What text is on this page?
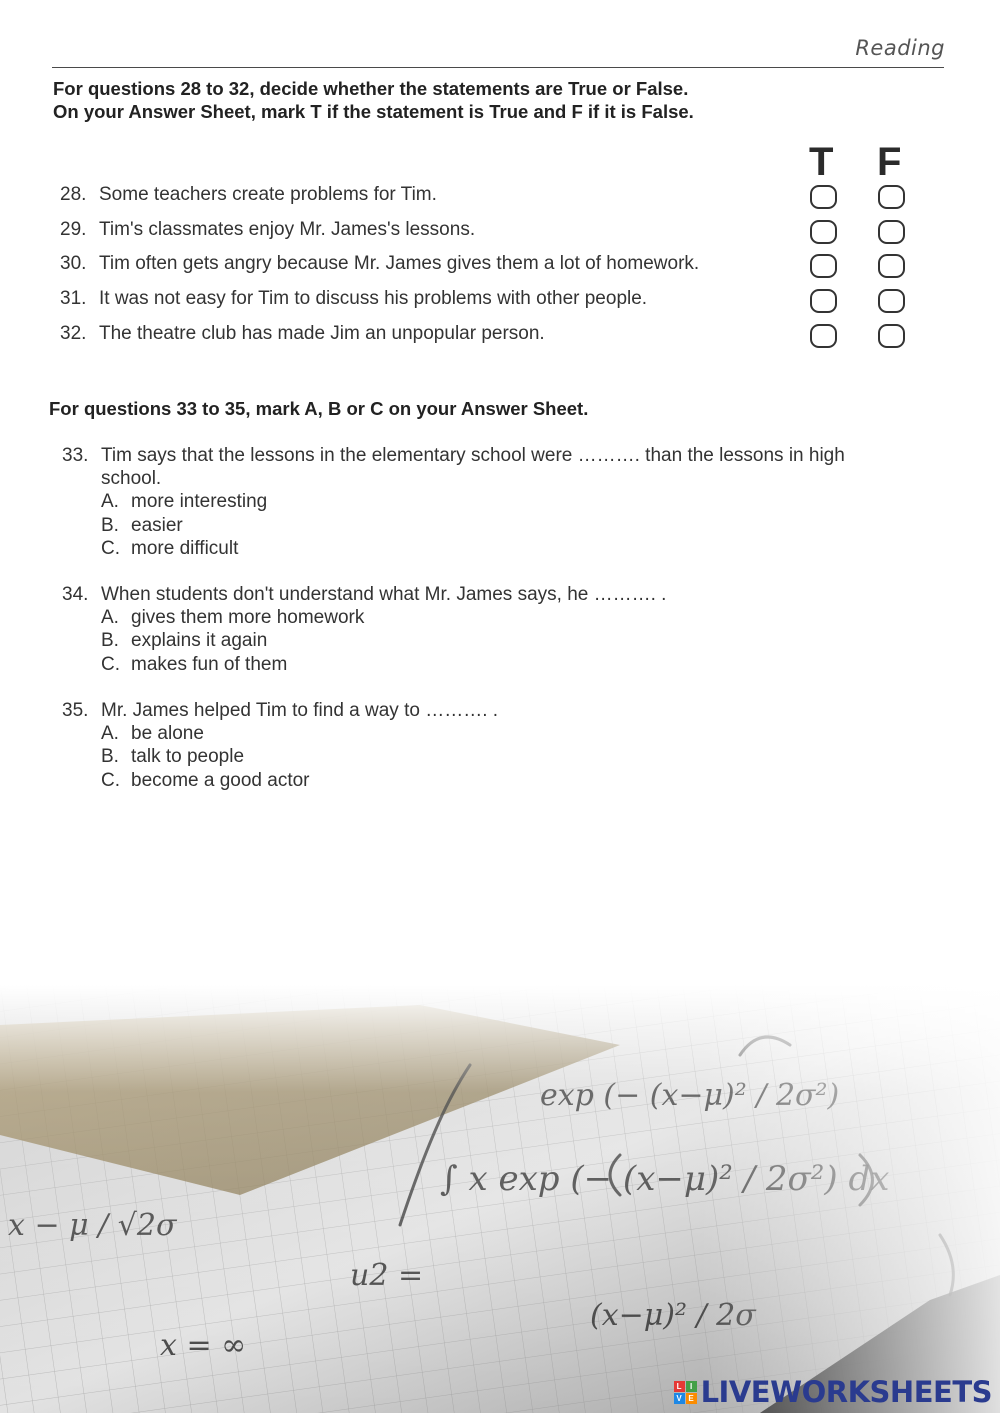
Reading
For questions 28 to 32, decide whether the statements are True or False.
On your Answer Sheet, mark T if the statement is True and F if it is False.
T F
28. Some teachers create problems for Tim.
29. Tim's classmates enjoy Mr. James's lessons.
30. Tim often gets angry because Mr. James gives them a lot of homework.
31. It was not easy for Tim to discuss his problems with other people.
32. The theatre club has made Jim an unpopular person.
For questions 33 to 35, mark A, B or C on your Answer Sheet.
33. Tim says that the lessons in the elementary school were ………. than the lessons in high school.
A. more interesting
B. easier
C. more difficult
34. When students don't understand what Mr. James says, he ………. .
A. gives them more homework
B. explains it again
C. makes fun of them
35. Mr. James helped Tim to find a way to ………. .
A. be alone
B. talk to people
C. become a good actor
L	I
V E LIVEWORKSHEETS
